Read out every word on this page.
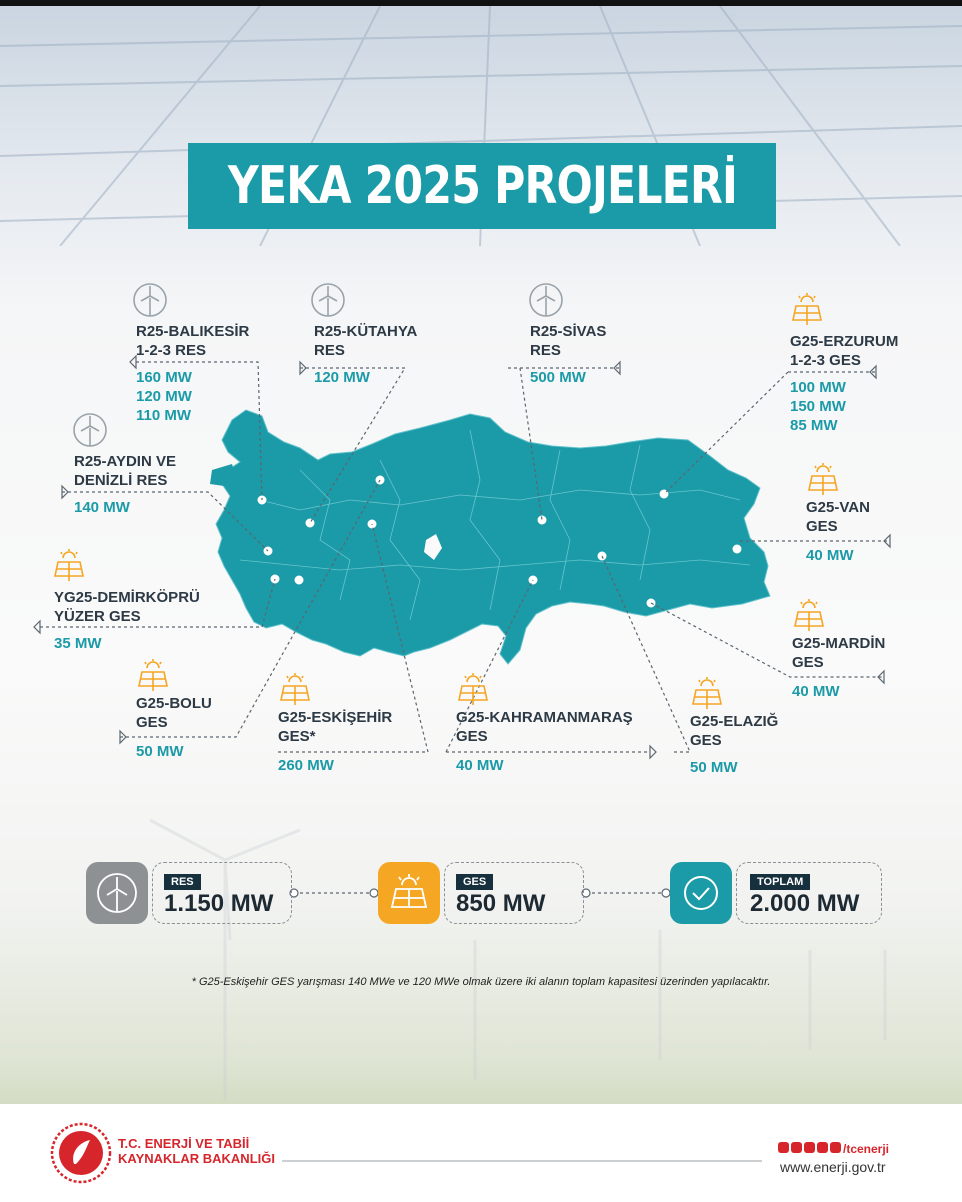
YEKA 2025 PROJELERİ
R25-BALIKESİR
1-2-3 RES
160 MW
120 MW
110 MW
R25-KÜTAHYA
RES
120 MW
R25-SİVAS
RES
500 MW
G25-ERZURUM
1-2-3 GES
100 MW
150 MW
85 MW
R25-AYDIN VE
DENİZLİ RES
140 MW	G25-VAN
GES
40 MW
YG25-DEMİRKÖPRÜ
YÜZER GES
35 MW	G25-MARDİN
GES
40 MW
G25-BOLU
GES
50 MW
G25-ESKİŞEHİR
GES*
260 MW
G25-KAHRAMANMARAŞ
GES
40 MW
G25-ELAZIĞ
GES
50 MW
RES
1.150 MW
GES
850 MW
TOPLAM
2.000 MW
* G25-Eskişehir GES yarışması 140 MWe ve 120 MWe olmak üzere iki alanın toplam kapasitesi üzerinden yapılacaktır.
T.C. ENERJİ VE TABİİ
KAYNAKLAR BAKANLIĞI
/tcenerji
www.enerji.gov.tr
